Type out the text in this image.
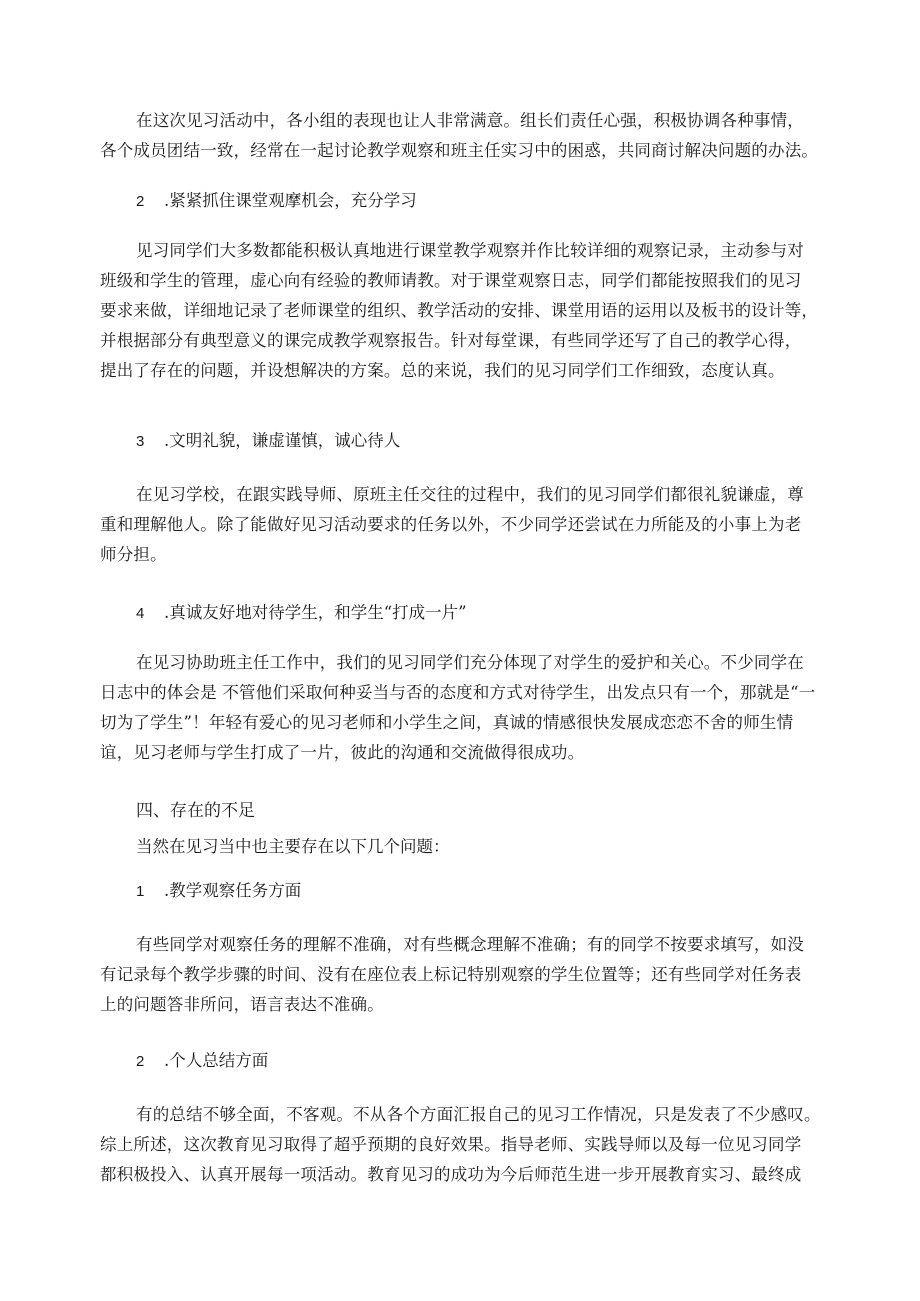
在这次见习活动中，各小组的表现也让人非常满意。组长们责任心强，积极协调各种事情，
各个成员团结一致，经常在一起讨论教学观察和班主任实习中的困惑，共同商讨解决问题的办法。
2 .紧紧抓住课堂观摩机会，充分学习
见习同学们大多数都能积极认真地进行课堂教学观察并作比较详细的观察记录，主动参与对
班级和学生的管理，虚心向有经验的教师请教。对于课堂观察日志，同学们都能按照我们的见习
要求来做，详细地记录了老师课堂的组织、教学活动的安排、课堂用语的运用以及板书的设计等，
并根据部分有典型意义的课完成教学观察报告。针对每堂课，有些同学还写了自己的教学心得，
提出了存在的问题，并设想解决的方案。总的来说，我们的见习同学们工作细致，态度认真。
3 .文明礼貌，谦虚谨慎，诚心待人
在见习学校，在跟实践导师、原班主任交往的过程中，我们的见习同学们都很礼貌谦虚，尊
重和理解他人。除了能做好见习活动要求的任务以外，不少同学还尝试在力所能及的小事上为老
师分担。
4 .真诚友好地对待学生，和学生“打成一片”
在见习协助班主任工作中，我们的见习同学们充分体现了对学生的爱护和关心。不少同学在
日志中的体会是 不管他们采取何种妥当与否的态度和方式对待学生，出发点只有一个，那就是“一
切为了学生”！年轻有爱心的见习老师和小学生之间，真诚的情感很快发展成恋恋不舍的师生情
谊，见习老师与学生打成了一片，彼此的沟通和交流做得很成功。
四、存在的不足
当然在见习当中也主要存在以下几个问题：
1 .教学观察任务方面
有些同学对观察任务的理解不准确，对有些概念理解不准确；有的同学不按要求填写，如没
有记录每个教学步骤的时间、没有在座位表上标记特别观察的学生位置等；还有些同学对任务表
上的问题答非所问，语言表达不准确。
2 .个人总结方面
有的总结不够全面，不客观。不从各个方面汇报自己的见习工作情况，只是发表了不少感叹。
综上所述，这次教育见习取得了超乎预期的良好效果。指导老师、实践导师以及每一位见习同学
都积极投入、认真开展每一项活动。教育见习的成功为今后师范生进一步开展教育实习、最终成
